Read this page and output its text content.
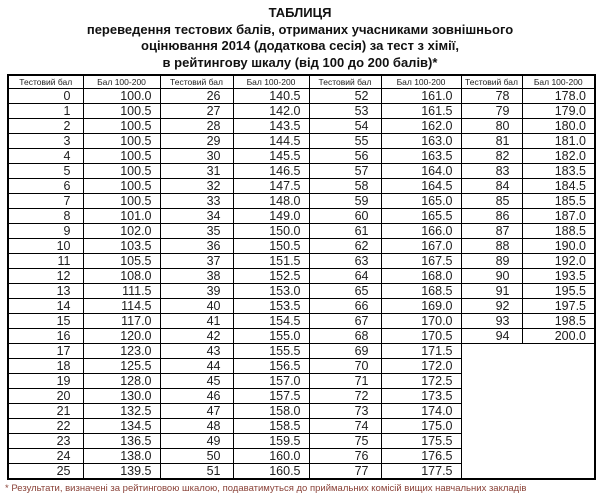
ТАБЛИЦЯ
переведення тестових балів, отриманих учасниками зовнішнього
оцінювання 2014 (додаткова сесія) за тест з хімії,
в рейтингову шкалу (від 100 до 200 балів)*
Тестовий бал	Бал 100-200	Тестовий бал	Бал 100-200	Тестовий бал	Бал 100-200	Тестовий бал	Бал 100-200
0	100.0	26	140.5	52	161.0	78	178.0
1	100.5	27	142.0	53	161.5	79	179.0
2	100.5	28	143.5	54	162.0	80	180.0
3	100.5	29	144.5	55	163.0	81	181.0
4	100.5	30	145.5	56	163.5	82	182.0
5	100.5	31	146.5	57	164.0	83	183.5
6	100.5	32	147.5	58	164.5	84	184.5
7	100.5	33	148.0	59	165.0	85	185.5
8	101.0	34	149.0	60	165.5	86	187.0
9	102.0	35	150.0	61	166.0	87	188.5
10	103.5	36	150.5	62	167.0	88	190.0
11	105.5	37	151.5	63	167.5	89	192.0
12	108.0	38	152.5	64	168.0	90	193.5
13	111.5	39	153.0	65	168.5	91	195.5
14	114.5	40	153.5	66	169.0	92	197.5
15	117.0	41	154.5	67	170.0	93	198.5
16	120.0	42	155.0	68	170.5	94	200.0
17	123.0	43	155.5	69	171.5		
18	125.5	44	156.5	70	172.0		
19	128.0	45	157.0	71	172.5		
20	130.0	46	157.5	72	173.5		
21	132.5	47	158.0	73	174.0		
22	134.5	48	158.5	74	175.0		
23	136.5	49	159.5	75	175.5		
24	138.0	50	160.0	76	176.5		
25	139.5	51	160.5	77	177.5		
* Результати, визначені за рейтинговою шкалою, подаватимуться до приймальних комісій вищих навчальних закладів
